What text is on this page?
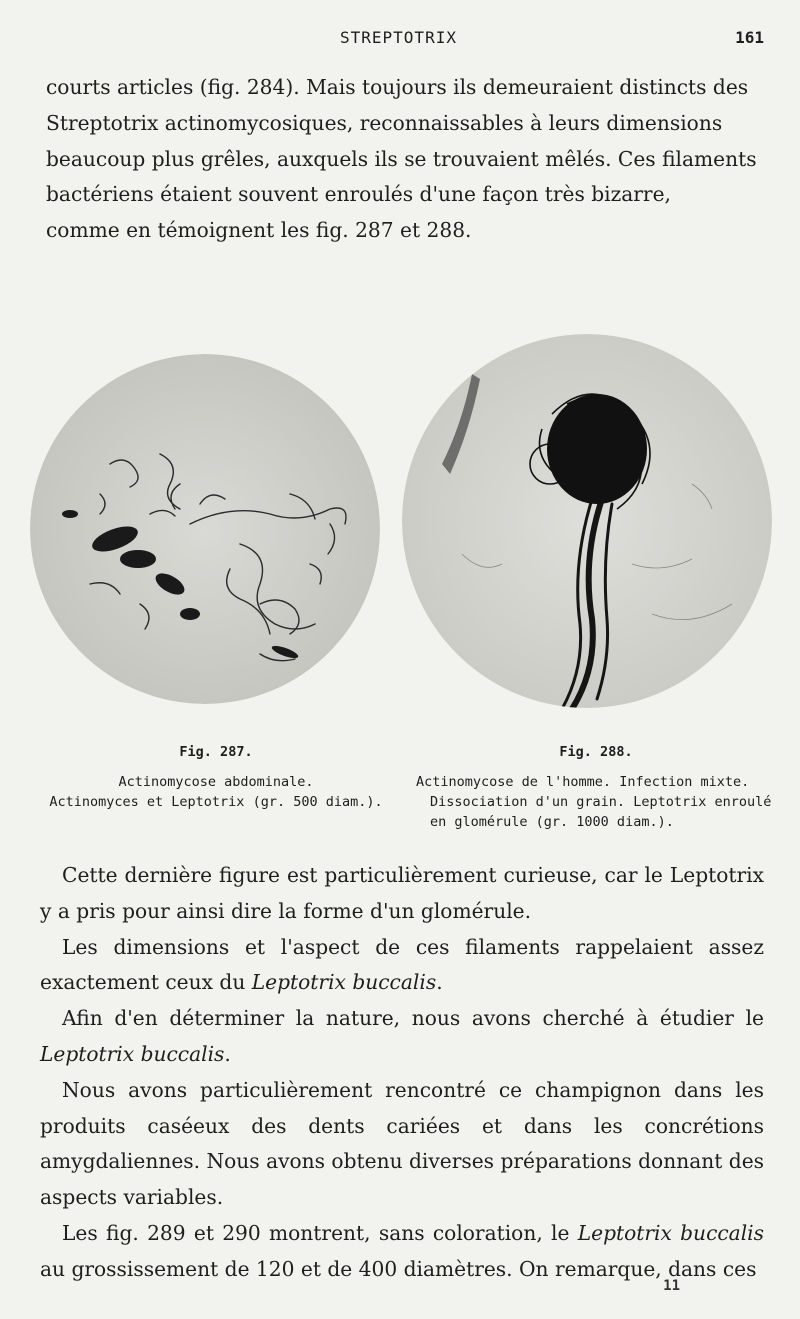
STREPTOTRIX	161

courts articles (fig. 284). Mais toujours ils demeuraient distincts des

Streptotrix actinomycosiques, reconnaissables à leurs dimensions

beaucoup plus grêles, auxquels ils se trouvaient mêlés. Ces filaments

bactériens étaient souvent enroulés d'une façon très bizarre,

comme en témoignent les fig. 287 et 288.

Fig. 287.
Actinomycose abdominale.
Actinomyces et Leptotrix (gr. 500 diam.).
Fig. 288.
Actinomycose de l'homme. Infection mixte.
Dissociation d'un grain. Leptotrix enroulé
en glomérule (gr. 1000 diam.).

Cette dernière figure est particulièrement curieuse, car le Leptotrix y a pris pour ainsi dire la forme d'un glomérule.

Les dimensions et l'aspect de ces filaments rappelaient assez exactement ceux du Leptotrix buccalis.

Afin d'en déterminer la nature, nous avons cherché à étudier le Leptotrix buccalis.

Nous avons particulièrement rencontré ce champignon dans les produits caséeux des dents cariées et dans les concrétions amygdaliennes. Nous avons obtenu diverses préparations donnant des aspects variables.

Les fig. 289 et 290 montrent, sans coloration, le Leptotrix buccalis au grossissement de 120 et de 400 diamètres. On remarque, dans ces

11
